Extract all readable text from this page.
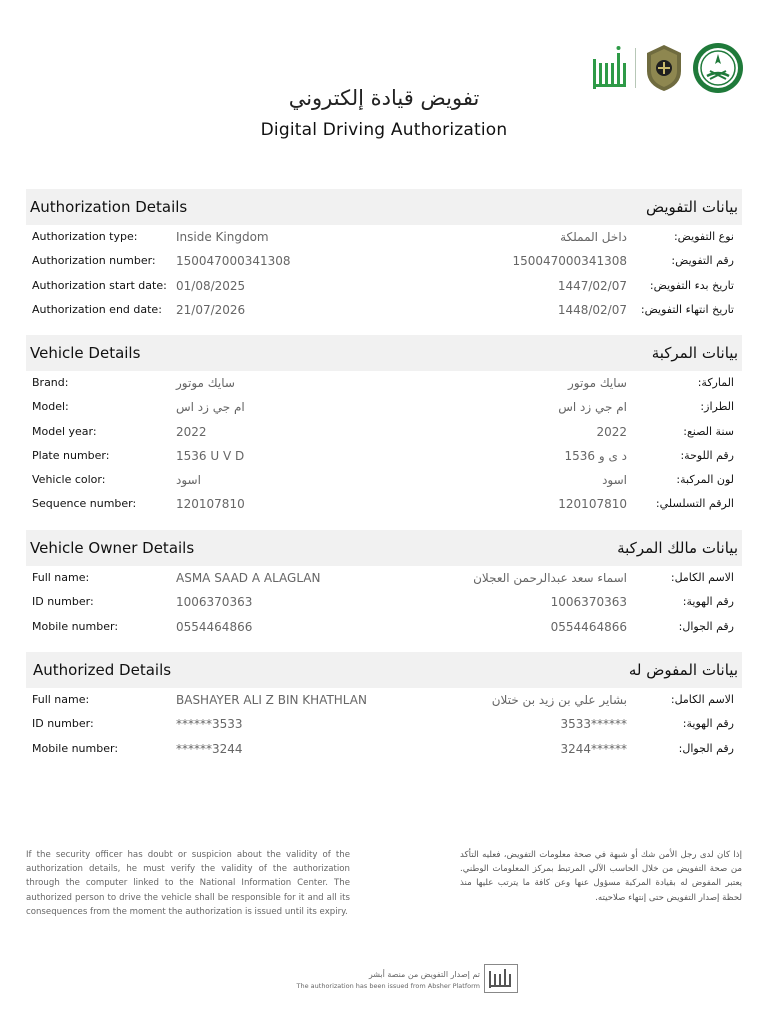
تفويض قيادة إلكتروني
Digital Driving Authorization
Authorization Details	بيانات التفويض
Authorization type:	Inside Kingdom	داخل المملكة	نوع التفويض:
Authorization number: 150047000341308	150047000341308	رقم التفويض:
Authorization start date: 01/08/2025	1447/02/07 تاريخ بدء التفويض:
Authorization end date: 21/07/2026	1448/02/07 تاريخ انتهاء التفويض:
Vehicle Details	بيانات المركبة
Brand:	سايك موتور	سايك موتور	الماركة:
Model:	ام جي زد اس	ام جي زد اس	الطراز:
Model year:	2022	2022	سنة الصنع:
Plate number:	1536 U V D	د ى و 1536	رقم اللوحة:
Vehicle color:	اسود	اسود	لون المركبة:
Sequence number:	120107810	120107810	الرقم التسلسلي:
Vehicle Owner Details	بيانات مالك المركبة
Full name:	ASMA SAAD A ALAGLAN	اسماء سعد عبدالرحمن العجلان	الاسم الكامل:
ID number:	1006370363	1006370363	رقم الهوية:
Mobile number:	0554464866	0554464866	رقم الجوال:
Authorized Details	بيانات المفوض له
Full name:	BASHAYER ALI Z BIN KHATHLAN	بشاير علي بن زيد بن ختلان	الاسم الكامل:
ID number:	******3533	******3533	رقم الهوية:
Mobile number:	******3244	******3244	رقم الجوال:
If the security officer has doubt or suspicion about the validity of the authorization details, he must verify the validity of the authorization through the computer linked to the National Information Center. The authorized person to drive the vehicle shall be responsible for it and all its consequences from the moment the authorization is issued until its expiry.
إذا كان لدى رجل الأمن شك أو شبهة في صحة معلومات التفويض، فعليه التأكد من صحة التفويض من خلال الحاسب الآلي المرتبط بمركز المعلومات الوطني. يعتبر المفوض له بقيادة المركبة مسؤول عنها وعن كافة ما يترتب عليها منذ لحظة إصدار التفويض حتى إنتهاء صلاحيته.
تم إصدار التفويض من منصة أبشر
The authorization has been issued from Absher Platform
